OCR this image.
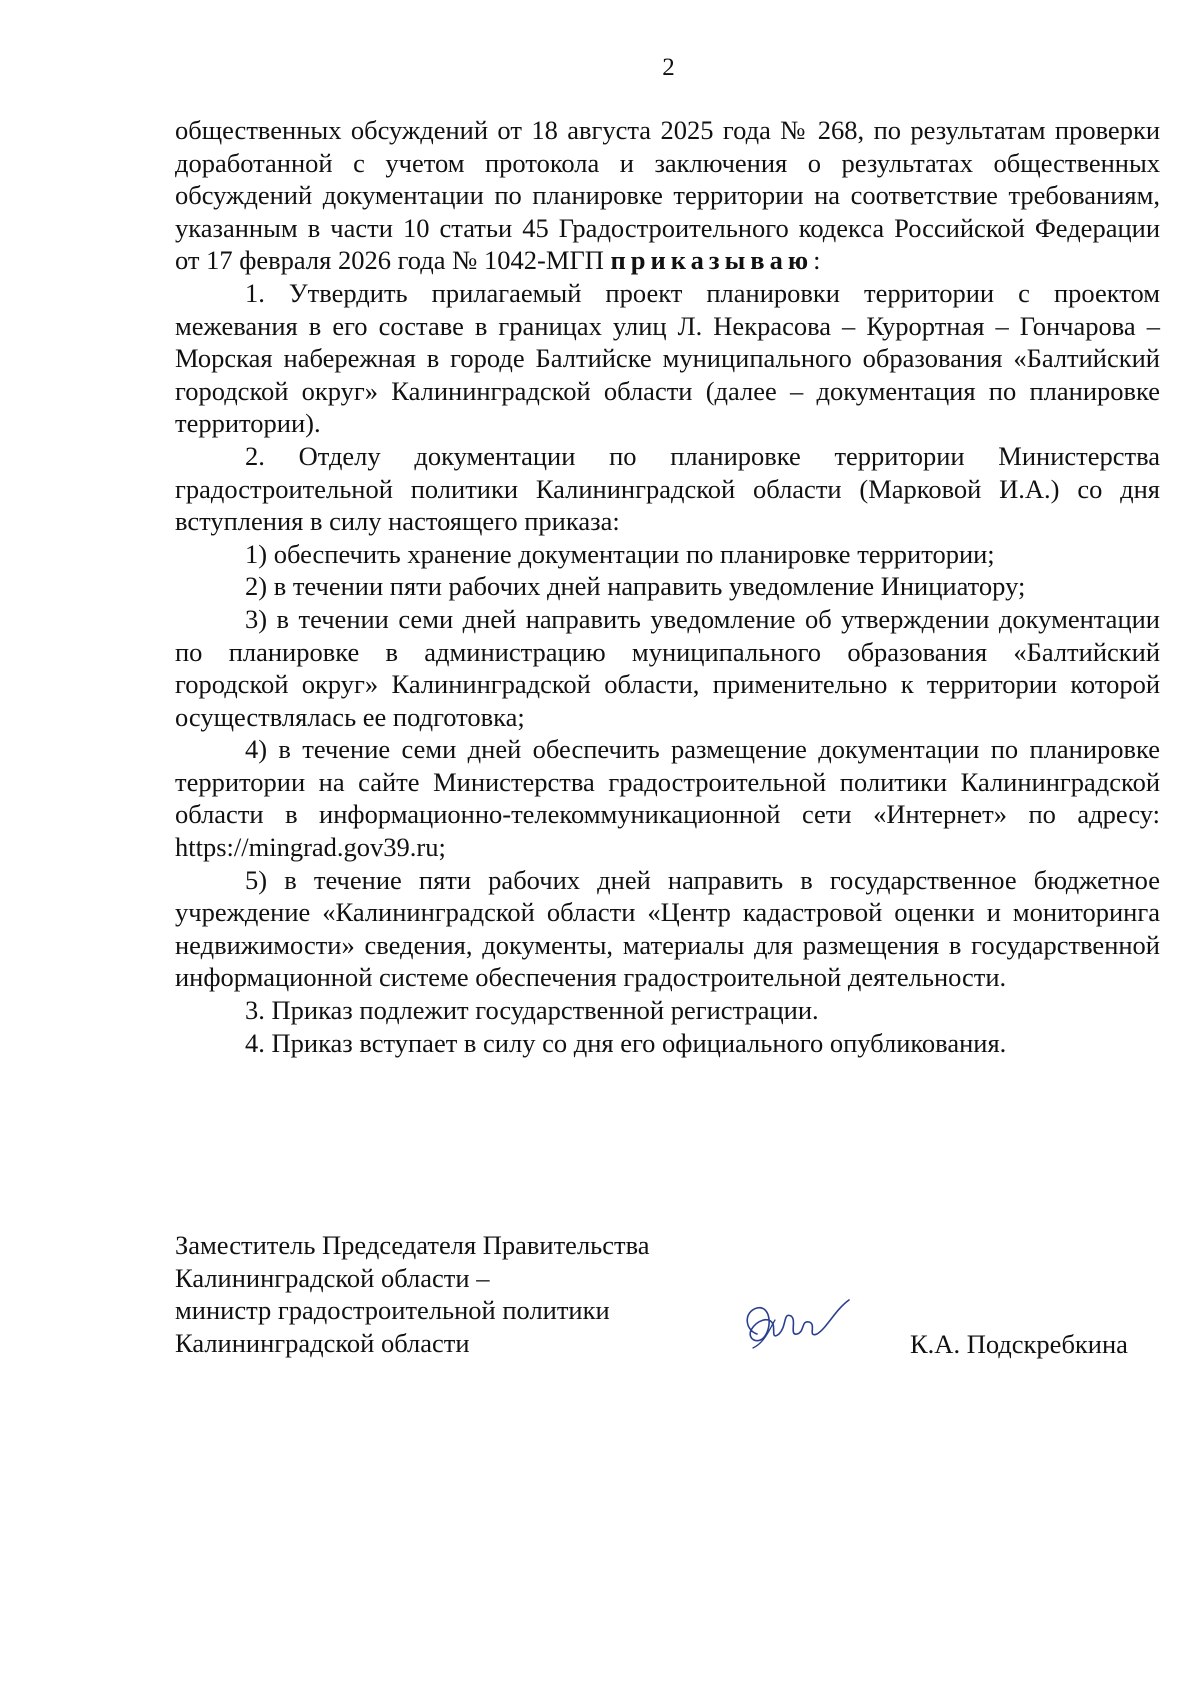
2

общественных обсуждений от 18 августа 2025 года № 268, по результатам проверки доработанной с учетом протокола и заключения о результатах общественных обсуждений документации по планировке территории на соответствие требованиям, указанным в части 10 статьи 45 Градостроительного кодекса Российской Федерации от 17 февраля 2026 года № 1042-МГП приказываю:

1. Утвердить прилагаемый проект планировки территории с проектом межевания в его составе в границах улиц Л. Некрасова – Курортная – Гончарова – Морская набережная в городе Балтийске муниципального образования «Балтийский городской округ» Калининградской области (далее – документация по планировке территории).

2. Отделу документации по планировке территории Министерства градостроительной политики Калининградской области (Марковой И.А.) со дня вступления в силу настоящего приказа:

1) обеспечить хранение документации по планировке территории;

2) в течении пяти рабочих дней направить уведомление Инициатору;

3) в течении семи дней направить уведомление об утверждении документации по планировке в администрацию муниципального образования «Балтийский городской округ» Калининградской области, применительно к территории которой осуществлялась ее подготовка;

4) в течение семи дней обеспечить размещение документации по планировке территории на сайте Министерства градостроительной политики Калининградской области в информационно-телекоммуникационной сети «Интернет» по адресу: https://mingrad.gov39.ru;

5) в течение пяти рабочих дней направить в государственное бюджетное учреждение «Калининградской области «Центр кадастровой оценки и мониторинга недвижимости» сведения, документы, материалы для размещения в государственной информационной системе обеспечения градостроительной деятельности.

3. Приказ подлежит государственной регистрации.

4. Приказ вступает в силу со дня его официального опубликования.

Заместитель Председателя Правительства
Калининградской области –
министр градостроительной политики
Калининградской области	К.А. Подскребкина
